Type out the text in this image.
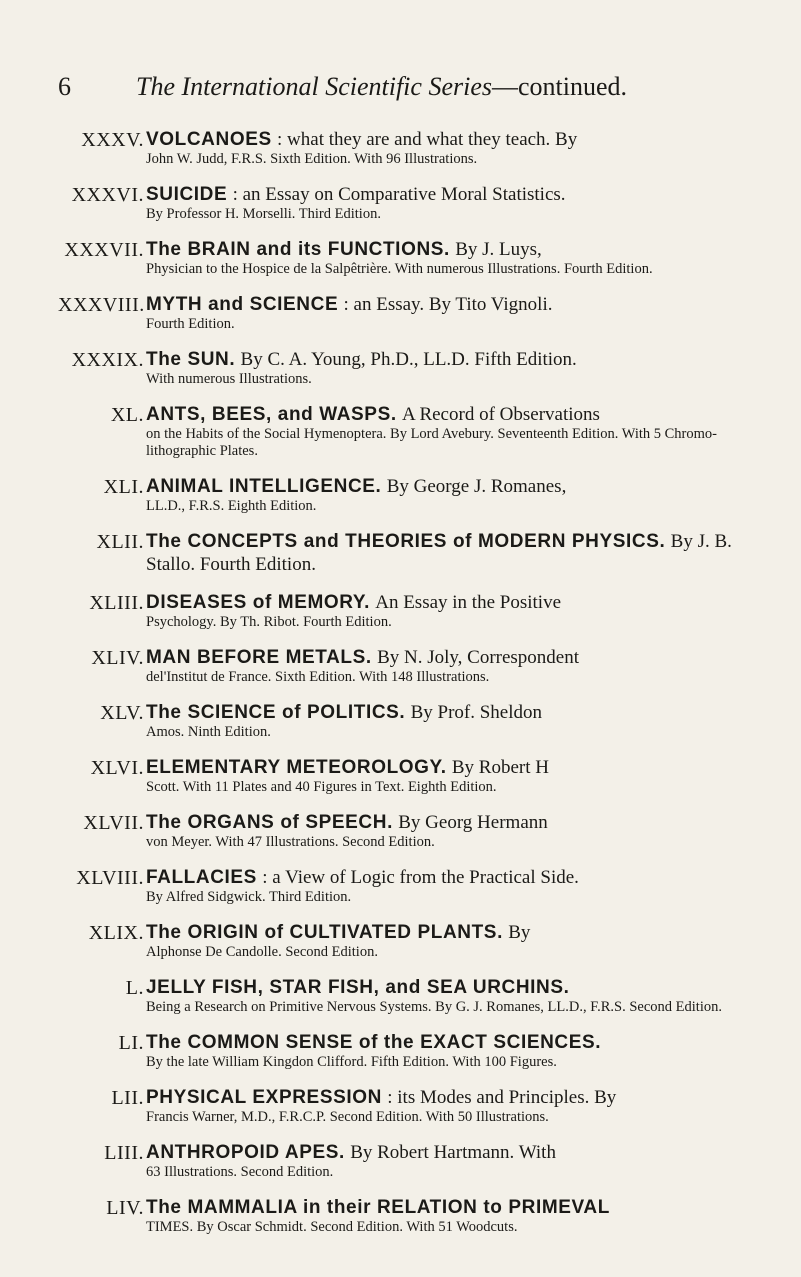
6	The International Scientific Series—continued.
XXXV. VOLCANOES : what they are and what they teach. By
John W. Judd, F.R.S. Sixth Edition. With 96 Illustrations.
XXXVI. SUICIDE : an Essay on Comparative Moral Statistics.
By Professor H. Morselli. Third Edition.
XXXVII. The BRAIN and its FUNCTIONS. By J. Luys,
Physician to the Hospice de la Salpêtrière. With numerous Illustrations. Fourth Edition.
XXXVIII. MYTH and SCIENCE : an Essay. By Tito Vignoli.
Fourth Edition.
XXXIX. The SUN. By C. A. Young, Ph.D., LL.D. Fifth Edition.
With numerous Illustrations.
XL. ANTS, BEES, and WASPS. A Record of Observations
on the Habits of the Social Hymenoptera. By Lord Avebury. Seventeenth Edition. With 5 Chromo-lithographic Plates.
XLI. ANIMAL INTELLIGENCE. By George J. Romanes,
LL.D., F.R.S. Eighth Edition.
XLII. The CONCEPTS and THEORIES of MODERN PHYSICS. By J. B. Stallo. Fourth Edition.
XLIII. DISEASES of MEMORY. An Essay in the Positive
Psychology. By Th. Ribot. Fourth Edition.
XLIV. MAN BEFORE METALS. By N. Joly, Correspondent
del'Institut de France. Sixth Edition. With 148 Illustrations.
XLV. The SCIENCE of POLITICS. By Prof. Sheldon
Amos. Ninth Edition.
XLVI. ELEMENTARY METEOROLOGY. By Robert H
Scott. With 11 Plates and 40 Figures in Text. Eighth Edition.
XLVII. The ORGANS of SPEECH. By Georg Hermann
von Meyer. With 47 Illustrations. Second Edition.
XLVIII. FALLACIES : a View of Logic from the Practical Side.
By Alfred Sidgwick. Third Edition.
XLIX. The ORIGIN of CULTIVATED PLANTS. By
Alphonse De Candolle. Second Edition.
L. JELLY FISH, STAR FISH, and SEA URCHINS.
Being a Research on Primitive Nervous Systems. By G. J. Romanes, LL.D., F.R.S. Second Edition.
LI. The COMMON SENSE of the EXACT SCIENCES.
By the late William Kingdon Clifford. Fifth Edition. With 100 Figures.
LII. PHYSICAL EXPRESSION : its Modes and Principles. By
Francis Warner, M.D., F.R.C.P. Second Edition. With 50 Illustrations.
LIII. ANTHROPOID APES. By Robert Hartmann. With
63 Illustrations. Second Edition.
LIV. The MAMMALIA in their RELATION to PRIMEVAL
TIMES. By Oscar Schmidt. Second Edition. With 51 Woodcuts.
